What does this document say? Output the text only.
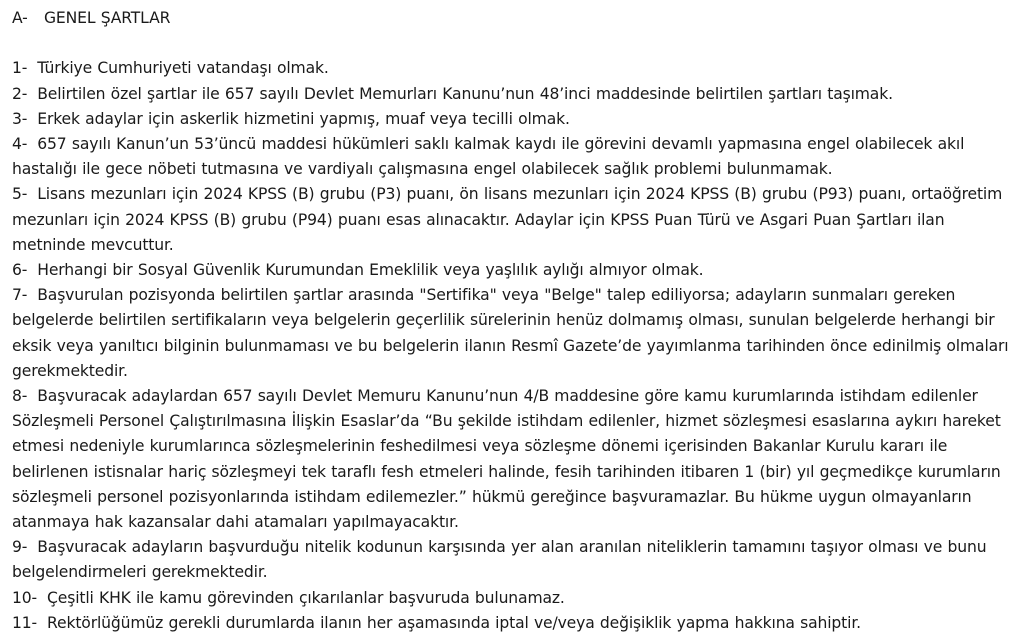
A- GENEL ŞARTLAR

1- Türkiye Cumhuriyeti vatandaşı olmak.

2- Belirtilen özel şartlar ile 657 sayılı Devlet Memurları Kanunu’nun 48’inci maddesinde belirtilen şartları taşımak.

3- Erkek adaylar için askerlik hizmetini yapmış, muaf veya tecilli olmak.

4- 657 sayılı Kanun’un 53’üncü maddesi hükümleri saklı kalmak kaydı ile görevini devamlı yapmasına engel olabilecek akıl hastalığı ile gece nöbeti tutmasına ve vardiyalı çalışmasına engel olabilecek sağlık problemi bulunmamak.

5- Lisans mezunları için 2024 KPSS (B) grubu (P3) puanı, ön lisans mezunları için 2024 KPSS (B) grubu (P93) puanı, ortaöğretim mezunları için 2024 KPSS (B) grubu (P94) puanı esas alınacaktır. Adaylar için KPSS Puan Türü ve Asgari Puan Şartları ilan metninde mevcuttur.

6- Herhangi bir Sosyal Güvenlik Kurumundan Emeklilik veya yaşlılık aylığı almıyor olmak.

7- Başvurulan pozisyonda belirtilen şartlar arasında "Sertifika" veya "Belge" talep ediliyorsa; adayların sunmaları gereken belgelerde belirtilen sertifikaların veya belgelerin geçerlilik sürelerinin henüz dolmamış olması, sunulan belgelerde herhangi bir eksik veya yanıltıcı bilginin bulunmaması ve bu belgelerin ilanın Resmî Gazete’de yayımlanma tarihinden önce edinilmiş olmaları gerekmektedir.

8- Başvuracak adaylardan 657 sayılı Devlet Memuru Kanunu’nun 4/B maddesine göre kamu kurumlarında istihdam edilenler Sözleşmeli Personel Çalıştırılmasına İlişkin Esaslar’da “Bu şekilde istihdam edilenler, hizmet sözleşmesi esaslarına aykırı hareket etmesi nedeniyle kurumlarınca sözleşmelerinin feshedilmesi veya sözleşme dönemi içerisinden Bakanlar Kurulu kararı ile belirlenen istisnalar hariç sözleşmeyi tek taraflı fesh etmeleri halinde, fesih tarihinden itibaren 1 (bir) yıl geçmedikçe kurumların sözleşmeli personel pozisyonlarında istihdam edilemezler.” hükmü gereğince başvuramazlar. Bu hükme uygun olmayanların atanmaya hak kazansalar dahi atamaları yapılmayacaktır.

9- Başvuracak adayların başvurduğu nitelik kodunun karşısında yer alan aranılan niteliklerin tamamını taşıyor olması ve bunu belgelendirmeleri gerekmektedir.

10- Çeşitli KHK ile kamu görevinden çıkarılanlar başvuruda bulunamaz.

11- Rektörlüğümüz gerekli durumlarda ilanın her aşamasında iptal ve/veya değişiklik yapma hakkına sahiptir.
